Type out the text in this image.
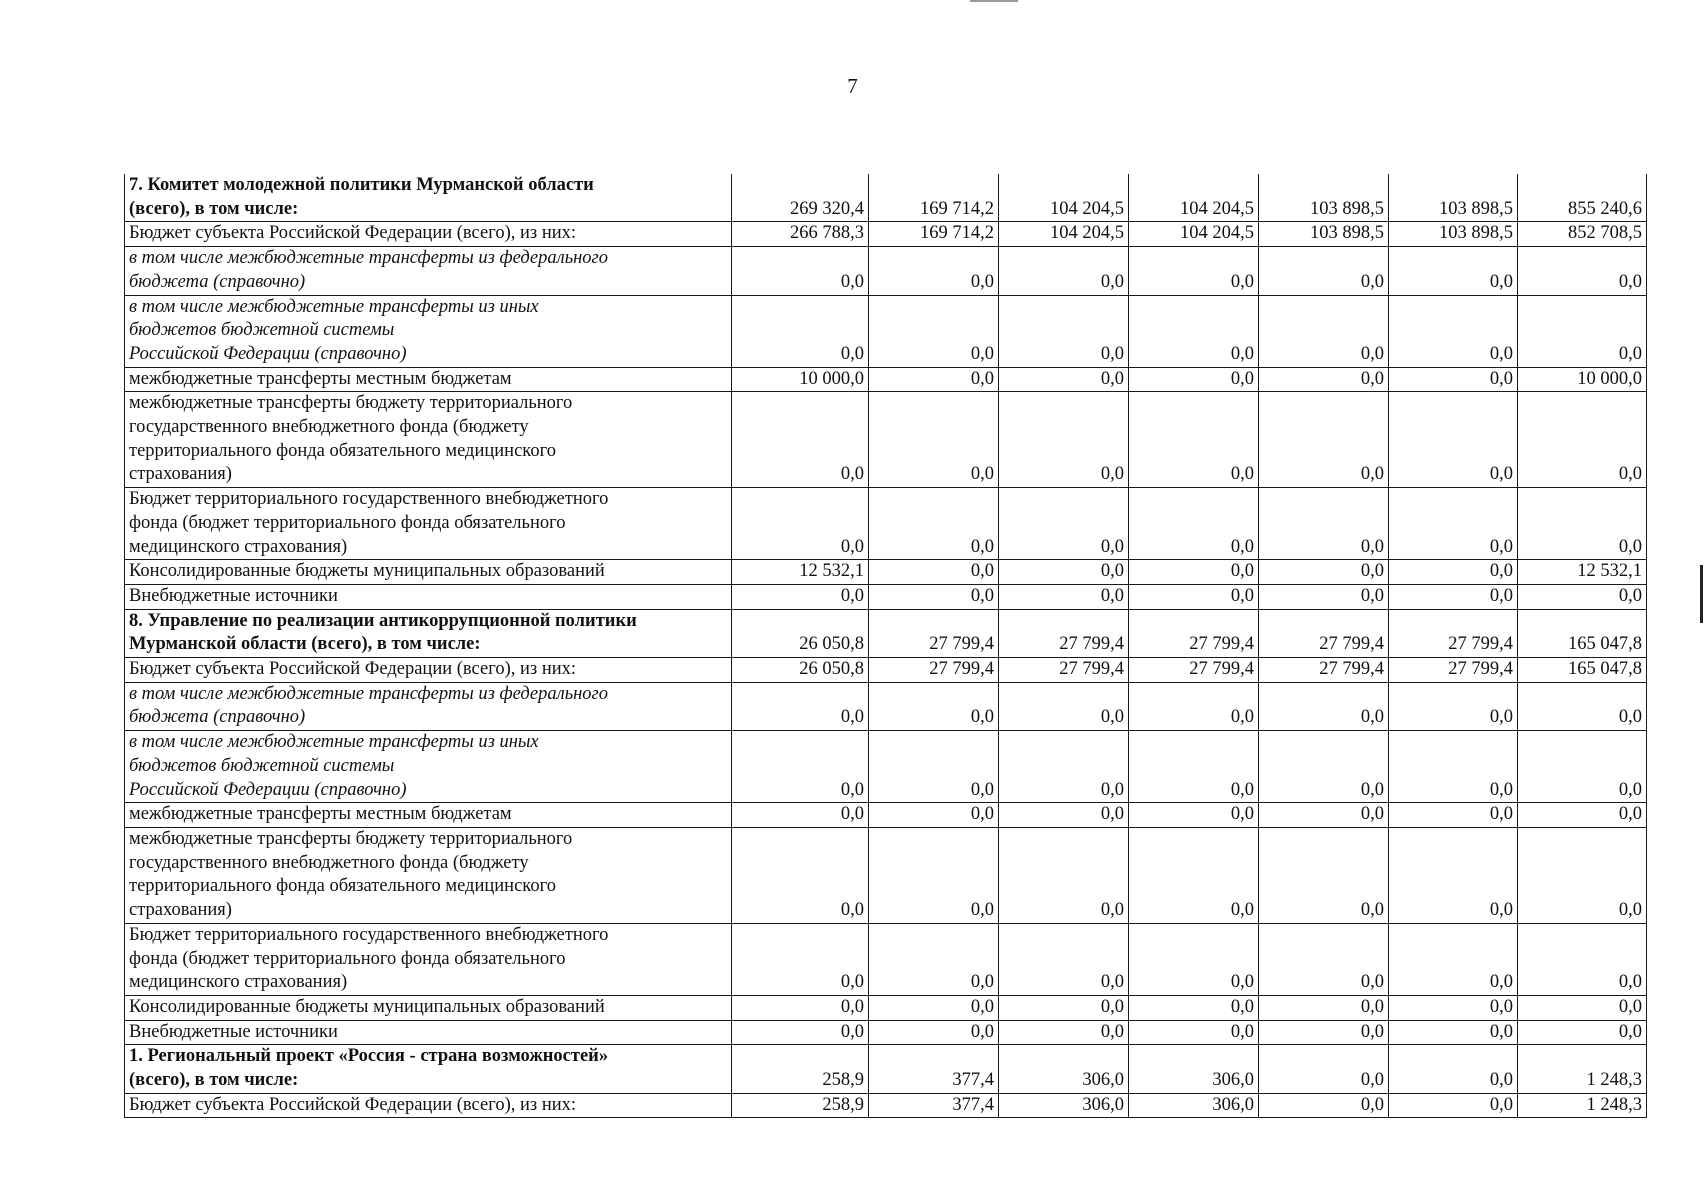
7
7. Комитет молодежной политики Мурманской области
(всего), в том числе:	269 320,4	169 714,2	104 204,5	104 204,5	103 898,5	103 898,5	855 240,6
Бюджет субъекта Российской Федерации (всего), из них:	266 788,3	169 714,2	104 204,5	104 204,5	103 898,5	103 898,5	852 708,5
в том числе межбюджетные трансферты из федерального
бюджета (справочно)	0,0	0,0	0,0	0,0	0,0	0,0	0,0
в том числе межбюджетные трансферты из иных
бюджетов бюджетной системы
Российской Федерации (справочно)	0,0	0,0	0,0	0,0	0,0	0,0	0,0
межбюджетные трансферты местным бюджетам	10 000,0	0,0	0,0	0,0	0,0	0,0	10 000,0
межбюджетные трансферты бюджету территориального
государственного внебюджетного фонда (бюджету
территориального фонда обязательного медицинского
страхования)	0,0	0,0	0,0	0,0	0,0	0,0	0,0
Бюджет территориального государственного внебюджетного
фонда (бюджет территориального фонда обязательного
медицинского страхования)	0,0	0,0	0,0	0,0	0,0	0,0	0,0
Консолидированные бюджеты муниципальных образований	12 532,1	0,0	0,0	0,0	0,0	0,0	12 532,1
Внебюджетные источники	0,0	0,0	0,0	0,0	0,0	0,0	0,0
8. Управление по реализации антикоррупционной политики
Мурманской области (всего), в том числе:	26 050,8	27 799,4	27 799,4	27 799,4	27 799,4	27 799,4	165 047,8
Бюджет субъекта Российской Федерации (всего), из них:	26 050,8	27 799,4	27 799,4	27 799,4	27 799,4	27 799,4	165 047,8
в том числе межбюджетные трансферты из федерального
бюджета (справочно)	0,0	0,0	0,0	0,0	0,0	0,0	0,0
в том числе межбюджетные трансферты из иных
бюджетов бюджетной системы
Российской Федерации (справочно)	0,0	0,0	0,0	0,0	0,0	0,0	0,0
межбюджетные трансферты местным бюджетам	0,0	0,0	0,0	0,0	0,0	0,0	0,0
межбюджетные трансферты бюджету территориального
государственного внебюджетного фонда (бюджету
территориального фонда обязательного медицинского
страхования)	0,0	0,0	0,0	0,0	0,0	0,0	0,0
Бюджет территориального государственного внебюджетного
фонда (бюджет территориального фонда обязательного
медицинского страхования)	0,0	0,0	0,0	0,0	0,0	0,0	0,0
Консолидированные бюджеты муниципальных образований	0,0	0,0	0,0	0,0	0,0	0,0	0,0
Внебюджетные источники	0,0	0,0	0,0	0,0	0,0	0,0	0,0
1. Региональный проект «Россия - страна возможностей»
(всего), в том числе:	258,9	377,4	306,0	306,0	0,0	0,0	1 248,3
Бюджет субъекта Российской Федерации (всего), из них:	258,9	377,4	306,0	306,0	0,0	0,0	1 248,3
